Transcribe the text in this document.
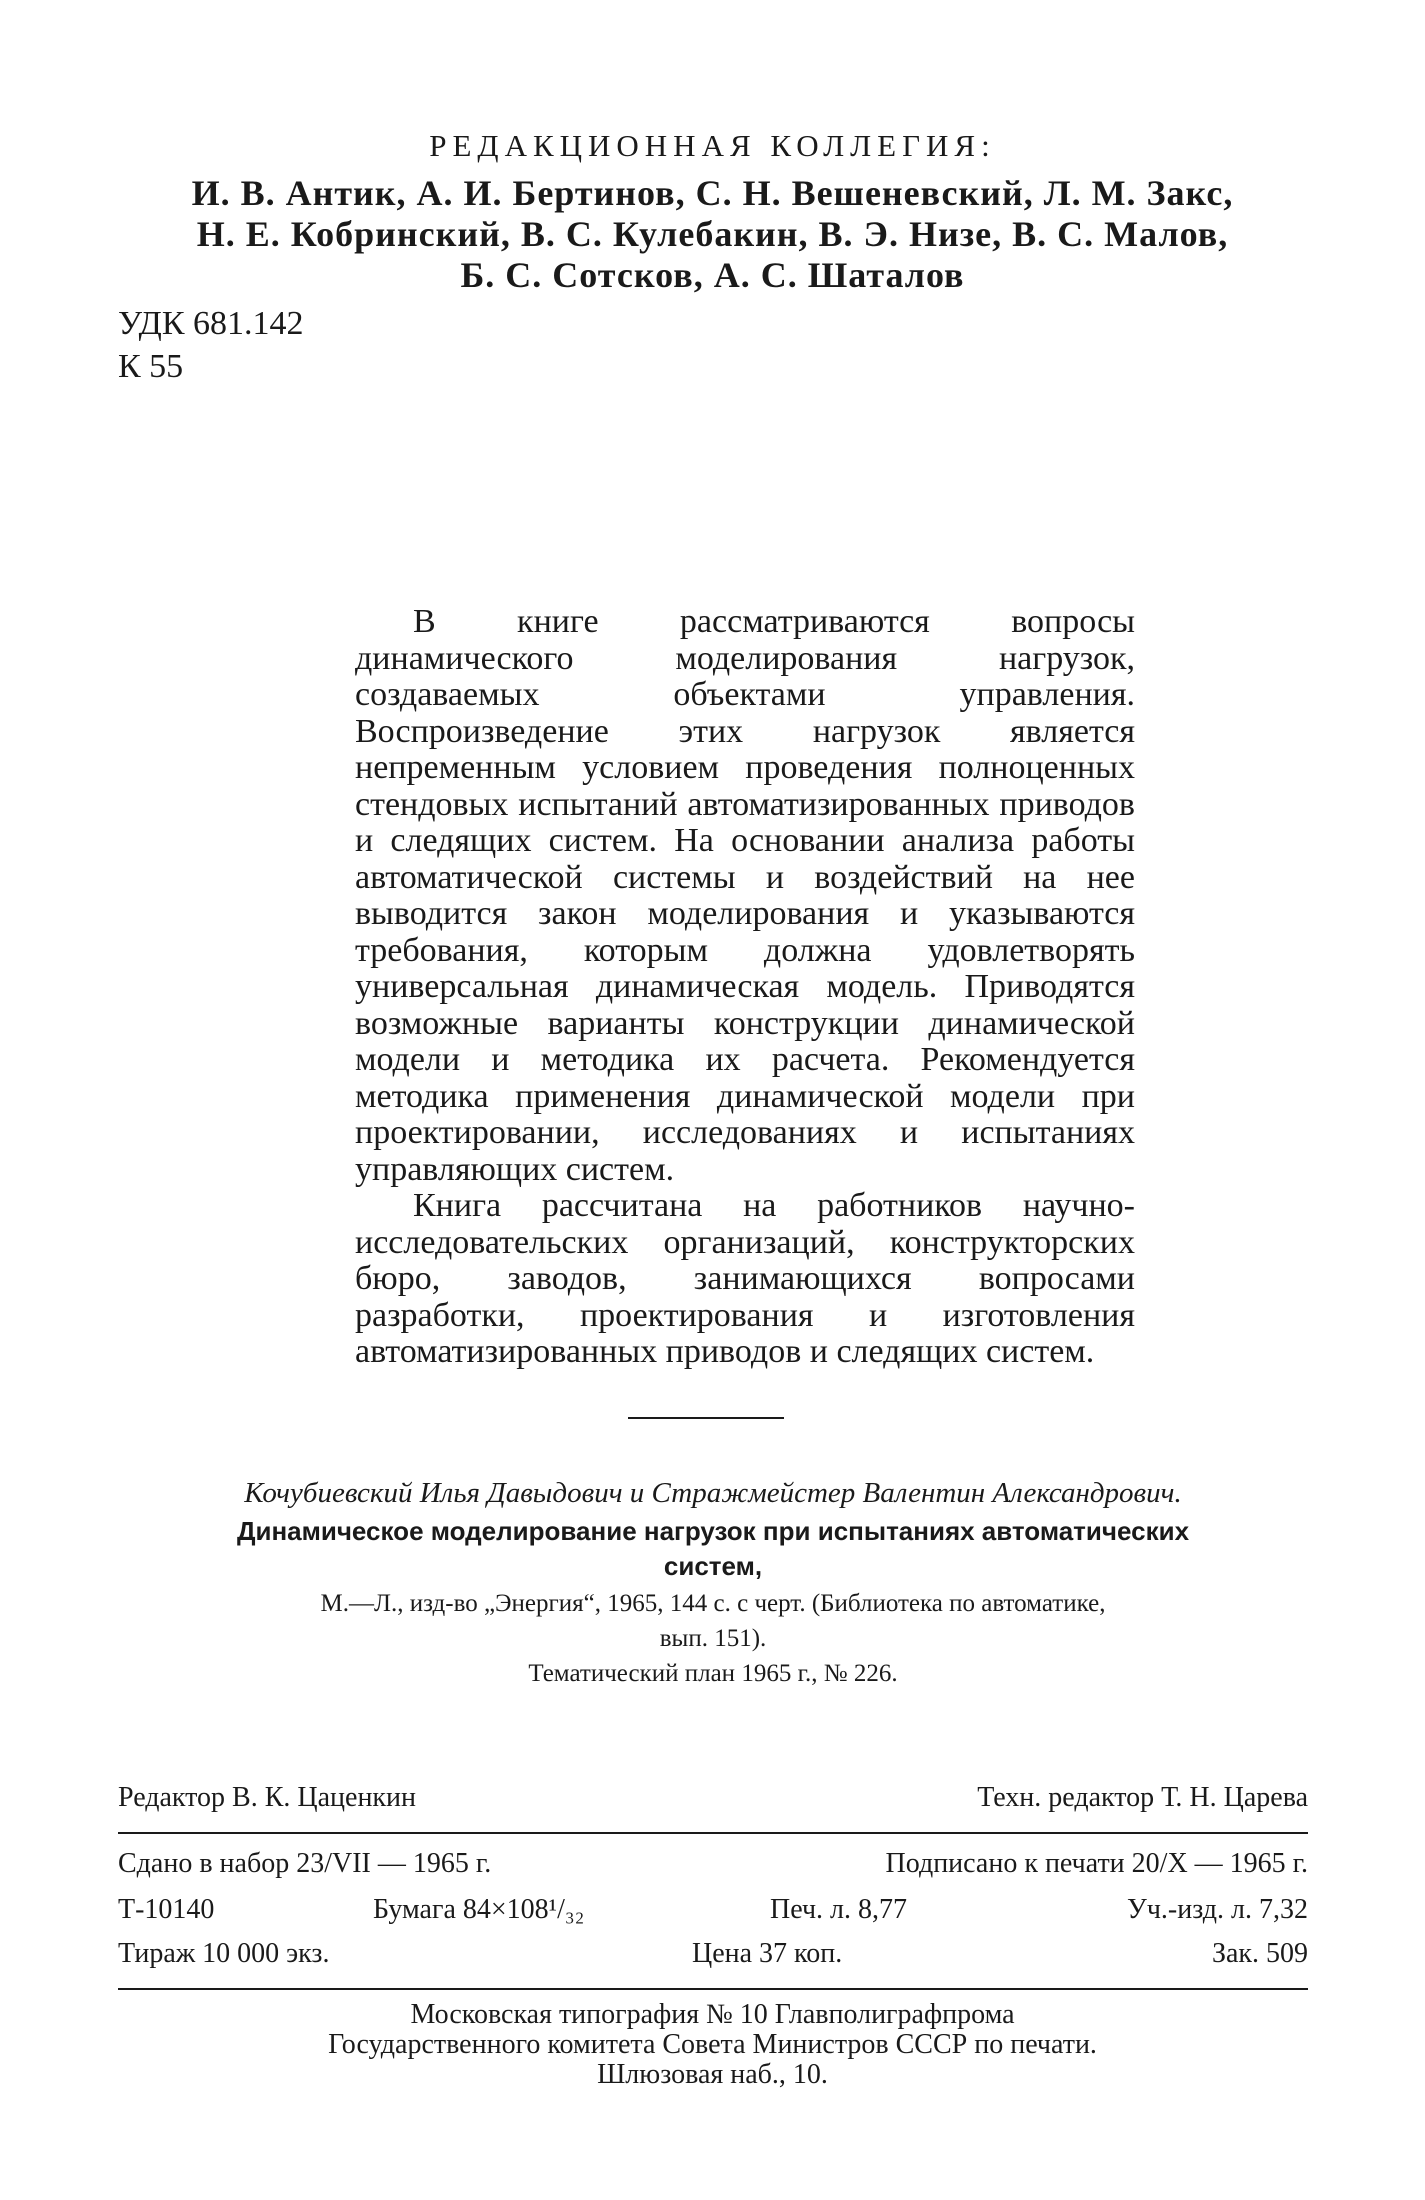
РЕДАКЦИОННАЯ КОЛЛЕГИЯ:
И. В. Антик, А. И. Бертинов, С. Н. Вешеневский, Л. М. Закс,
Н. Е. Кобринский, В. С. Кулебакин, В. Э. Низе, В. С. Малов,
Б. С. Сотсков, А. С. Шаталов
УДК 681.142
К 55

В книге рассматриваются вопросы динамического моделирования нагрузок, создаваемых объектами управления. Воспроизведение этих нагрузок является непременным условием проведения полноценных стендовых испытаний автоматизированных приводов и следящих систем. На основании анализа работы автоматической системы и воздействий на нее выводится закон моделирования и указываются требования, которым должна удовлетворять универсальная динамическая модель. Приводятся возможные варианты конструкции динамической модели и методика их расчета. Рекомендуется методика применения динамической модели при проектировании, исследованиях и испытаниях управляющих систем.

Книга рассчитана на работников научно-исследовательских организаций, конструкторских бюро, заводов, занимающихся вопросами разработки, проектирования и изготовления автоматизированных приводов и следящих систем.

Кочубиевский Илья Давыдович и Стражмейстер Валентин Александрович.
Динамическое моделирование нагрузок при испытаниях автоматических
систем,
М.—Л., изд-во „Энергия“, 1965, 144 с. с черт. (Библиотека по автоматике,
вып. 151).
Тематический план 1965 г., № 226.
Редактор В. К. Цаценкин	Техн. редактор Т. Н. Царева
Сдано в набор 23/VII — 1965 г.	Подписано к печати 20/X — 1965 г.
Т-10140	Бумага 84×108¹/₃₂	Печ. л. 8,77	Уч.-изд. л. 7,32
Тираж 10 000 экз.	Цена 37 коп.	Зак. 509
Московская типография № 10 Главполиграфпрома
Государственного комитета Совета Министров СССР по печати.
Шлюзовая наб., 10.
